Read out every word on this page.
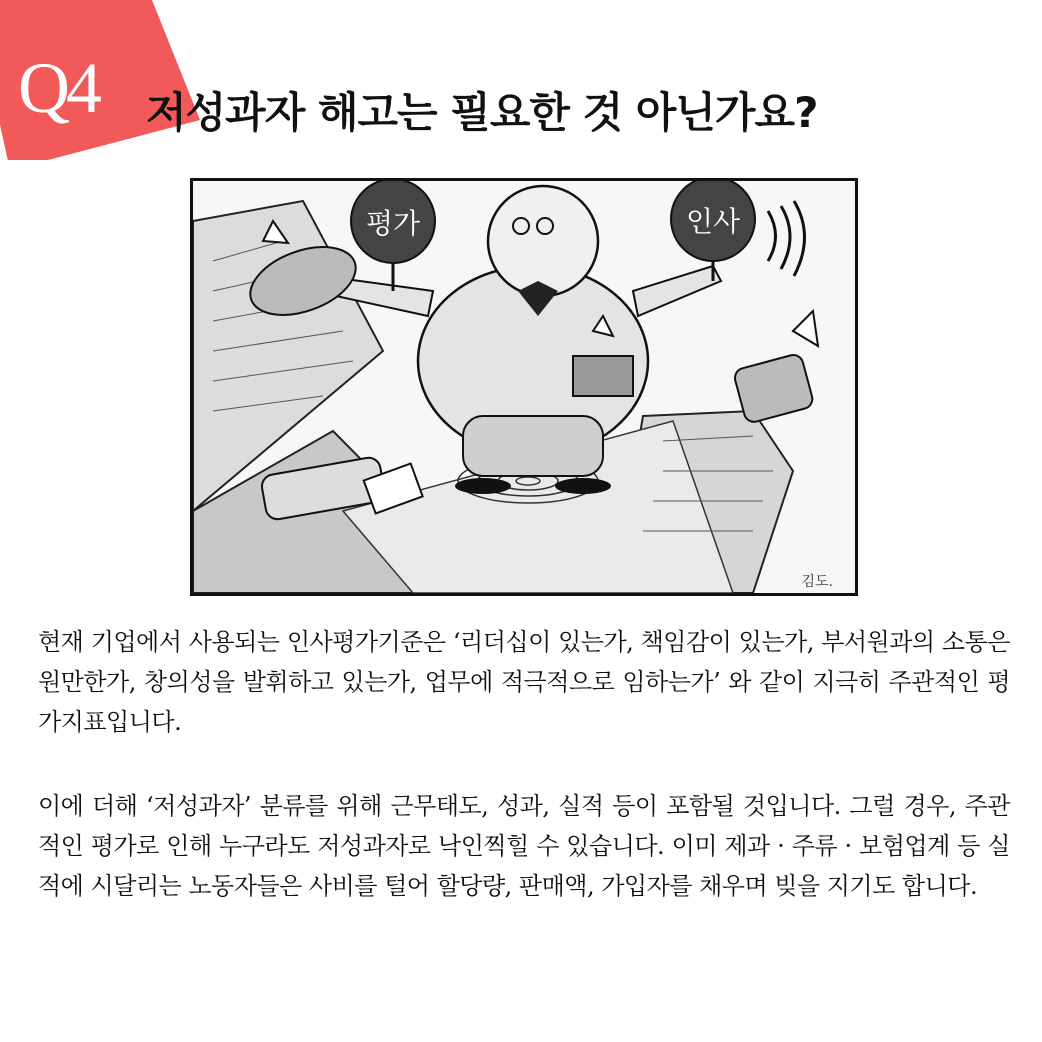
Q4 저성과자 해고는 필요한 것 아닌가요?
평가	인사
김도.
현재 기업에서 사용되는 인사평가기준은 ‘리더십이 있는가, 책임감이 있는가, 부서원과의 소통은 원만한가, 창의성을 발휘하고 있는가, 업무에 적극적으로 임하는가’ 와 같이 지극히 주관적인 평가지표입니다.
이에 더해 ‘저성과자’ 분류를 위해 근무태도, 성과, 실적 등이 포함될 것입니다. 그럴 경우, 주관적인 평가로 인해 누구라도 저성과자로 낙인찍힐 수 있습니다. 이미 제과 · 주류 · 보험업계 등 실적에 시달리는 노동자들은 사비를 털어 할당량, 판매액, 가입자를 채우며 빚을 지기도 합니다.
